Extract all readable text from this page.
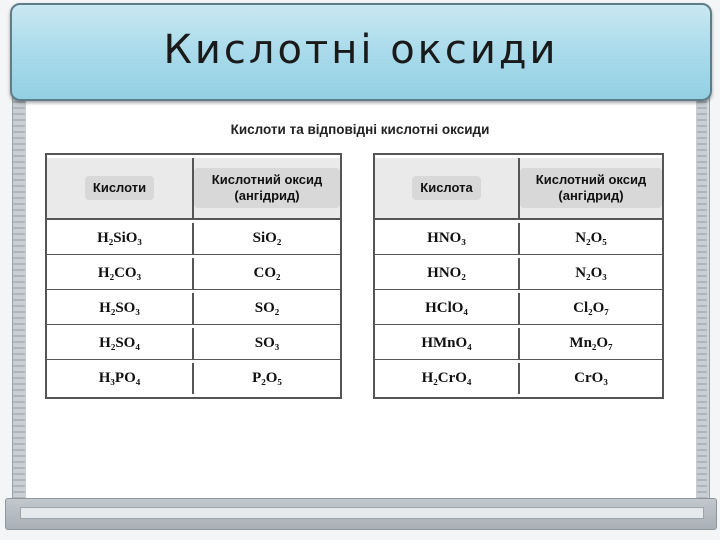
Кислотні оксиди
Кислоти та відповідні кислотні оксиди
Кислоти	Кислотний оксид (ангідрид)
H₂SiO₃	SiO₂
H₂CO₃	CO₂
H₂SO₃	SO₂
H₂SO₄	SO₃
H₃PO₄	P₂O₅
Кислота	Кислотний оксид (ангідрид)
HNO₃	N₂O₅
HNO₂	N₂O₃
HClO₄	Cl₂O₇
HMnO₄	Mn₂O₇
H₂CrO₄	CrO₃
